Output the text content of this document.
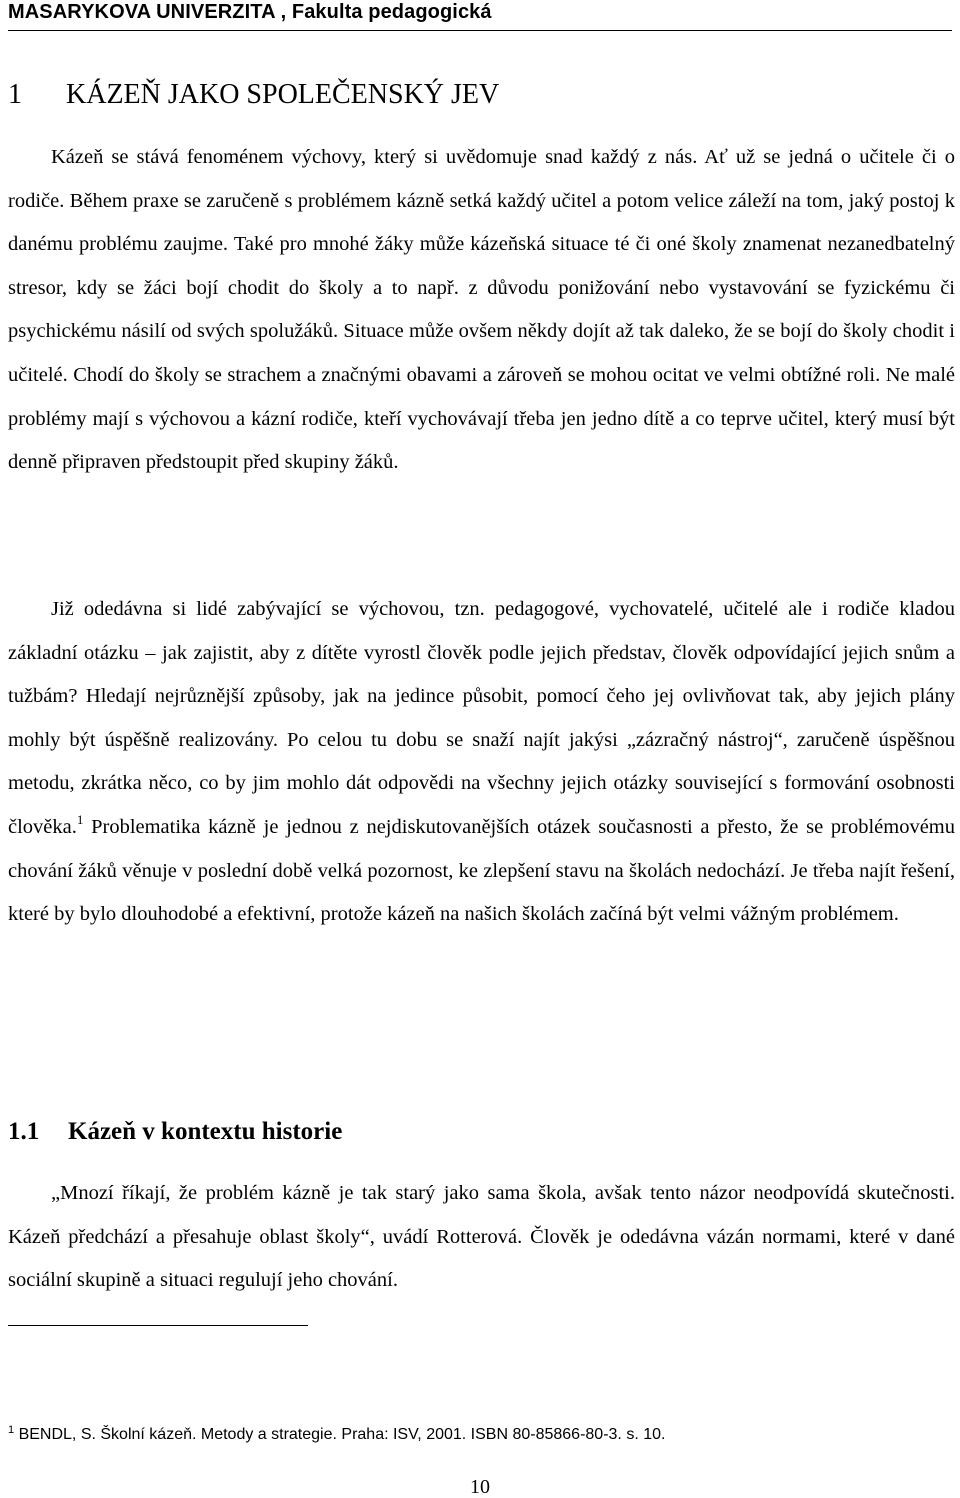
MASARYKOVA UNIVERZITA , Fakulta pedagogická
1 KÁZEŇ JAKO SPOLEČENSKÝ JEV

Kázeň se stává fenoménem výchovy, který si uvědomuje snad každý z nás. Ať už se jedná o učitele či o rodiče. Během praxe se zaručeně s problémem kázně setká každý učitel a potom velice záleží na tom, jaký postoj k danému problému zaujme. Také pro mnohé žáky může kázeňská situace té či oné školy znamenat nezanedbatelný stresor, kdy se žáci bojí chodit do školy a to např. z důvodu ponižování nebo vystavování se fyzickému či psychickému násilí od svých spolužáků. Situace může ovšem někdy dojít až tak daleko, že se bojí do školy chodit i učitelé. Chodí do školy se strachem a značnými obavami a zároveň se mohou ocitat ve velmi obtížné roli. Ne malé problémy mají s výchovou a kázní rodiče, kteří vychovávají třeba jen jedno dítě a co teprve učitel, který musí být denně připraven předstoupit před skupiny žáků.

Již odedávna si lidé zabývající se výchovou, tzn. pedagogové, vychovatelé, učitelé ale i rodiče kladou základní otázku – jak zajistit, aby z dítěte vyrostl člověk podle jejich představ, člověk odpovídající jejich snům a tužbám? Hledají nejrůznější způsoby, jak na jedince působit, pomocí čeho jej ovlivňovat tak, aby jejich plány mohly být úspěšně realizovány. Po celou tu dobu se snaží najít jakýsi „zázračný nástroj“, zaručeně úspěšnou metodu, zkrátka něco, co by jim mohlo dát odpovědi na všechny jejich otázky související s formování osobnosti člověka.$^1$ Problematika kázně je jednou z nejdiskutovanějších otázek současnosti a přesto, že se problémovému chování žáků věnuje v poslední době velká pozornost, ke zlepšení stavu na školách nedochází. Je třeba najít řešení, které by bylo dlouhodobé a efektivní, protože kázeň na našich školách začíná být velmi vážným problémem.

1.1 Kázeň v kontextu historie

„Mnozí říkají, že problém kázně je tak starý jako sama škola, avšak tento názor neodpovídá skutečnosti. Kázeň předchází a přesahuje oblast školy“, uvádí Rotterová. Člověk je odedávna vázán normami, které v dané sociální skupině a situaci regulují jeho chování.

$^1$ BENDL, S. Školní kázeň. Metody a strategie. Praha: ISV, 2001. ISBN 80-85866-80-3. s. 10.
10
